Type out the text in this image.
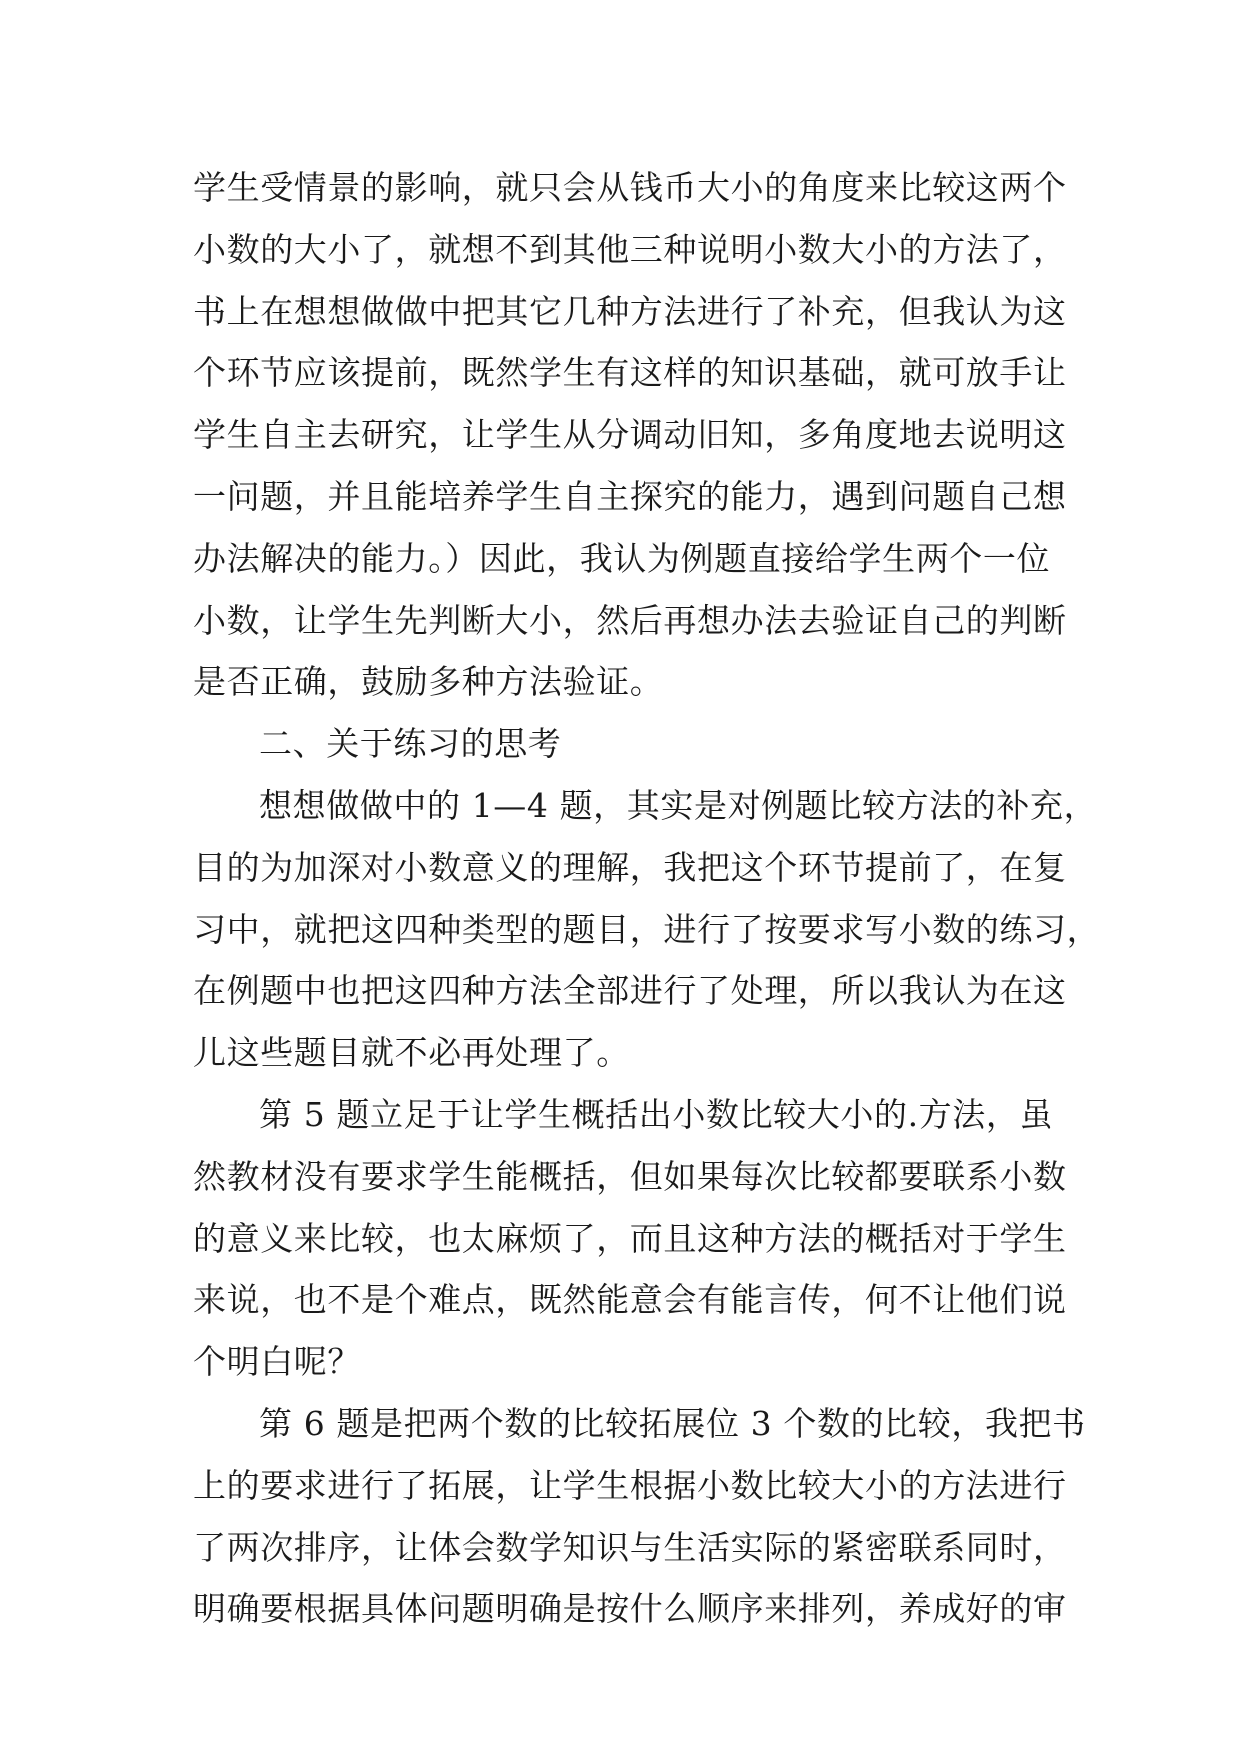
学生受情景的影响，就只会从钱币大小的角度来比较这两个
小数的大小了，就想不到其他三种说明小数大小的方法了，
书上在想想做做中把其它几种方法进行了补充，但我认为这
个环节应该提前，既然学生有这样的知识基础，就可放手让
学生自主去研究，让学生从分调动旧知，多角度地去说明这
一问题，并且能培养学生自主探究的能力，遇到问题自己想
办法解决的能力。）因此，我认为例题直接给学生两个一位
小数，让学生先判断大小，然后再想办法去验证自己的判断
是否正确，鼓励多种方法验证。
二、关于练习的思考
想想做做中的 1—4 题，其实是对例题比较方法的补充，
目的为加深对小数意义的理解，我把这个环节提前了，在复
习中，就把这四种类型的题目，进行了按要求写小数的练习，
在例题中也把这四种方法全部进行了处理，所以我认为在这
儿这些题目就不必再处理了。
第 5 题立足于让学生概括出小数比较大小的.方法，虽
然教材没有要求学生能概括，但如果每次比较都要联系小数
的意义来比较，也太麻烦了，而且这种方法的概括对于学生
来说，也不是个难点，既然能意会有能言传，何不让他们说
个明白呢？
第 6 题是把两个数的比较拓展位 3 个数的比较，我把书
上的要求进行了拓展，让学生根据小数比较大小的方法进行
了两次排序，让体会数学知识与生活实际的紧密联系同时，
明确要根据具体问题明确是按什么顺序来排列，养成好的审
